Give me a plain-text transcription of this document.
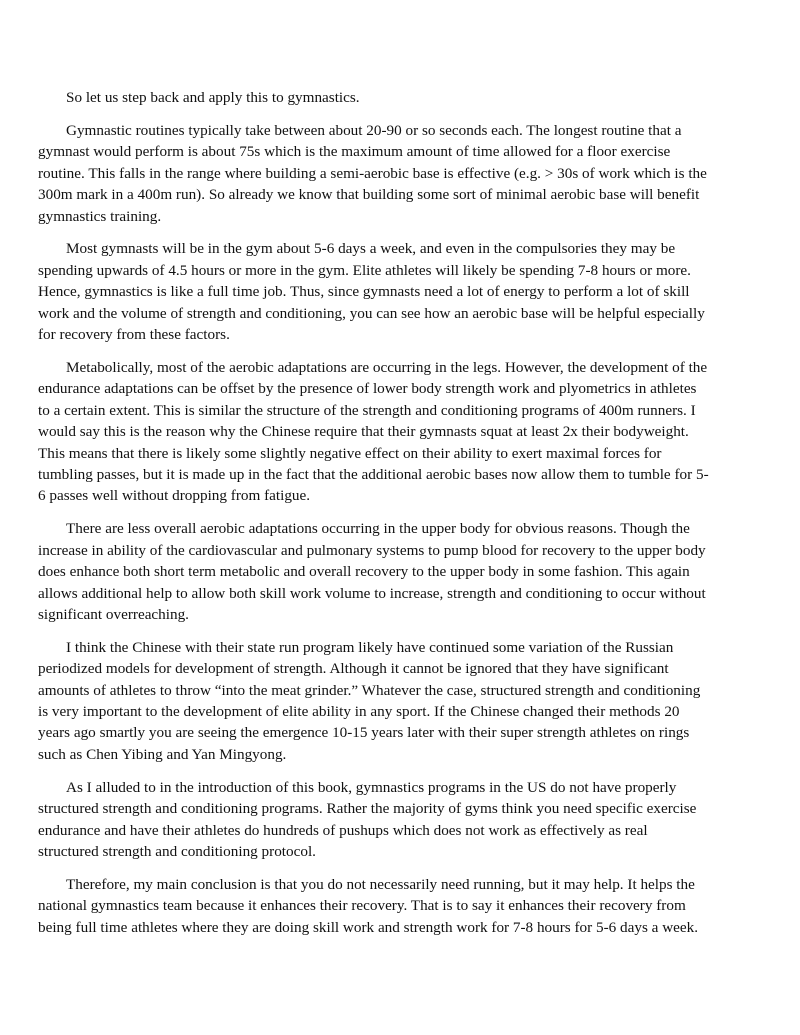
So let us step back and apply this to gymnastics.

Gymnastic routines typically take between about 20-90 or so seconds each. The longest routine that a gymnast would perform is about 75s which is the maximum amount of time allowed for a floor exercise routine. This falls in the range where building a semi-aerobic base is effective (e.g. > 30s of work which is the 300m mark in a 400m run). So already we know that building some sort of minimal aerobic base will benefit gymnastics training.

Most gymnasts will be in the gym about 5-6 days a week, and even in the compulsories they may be spending upwards of 4.5 hours or more in the gym. Elite athletes will likely be spending 7-8 hours or more. Hence, gymnastics is like a full time job. Thus, since gymnasts need a lot of energy to perform a lot of skill work and the volume of strength and conditioning, you can see how an aerobic base will be helpful especially for recovery from these factors.

Metabolically, most of the aerobic adaptations are occurring in the legs. However, the development of the endurance adaptations can be offset by the presence of lower body strength work and plyometrics in athletes to a certain extent. This is similar the structure of the strength and conditioning programs of 400m runners. I would say this is the reason why the Chinese require that their gymnasts squat at least 2x their bodyweight. This means that there is likely some slightly negative effect on their ability to exert maximal forces for tumbling passes, but it is made up in the fact that the additional aerobic bases now allow them to tumble for 5-6 passes well without dropping from fatigue.

There are less overall aerobic adaptations occurring in the upper body for obvious reasons. Though the increase in ability of the cardiovascular and pulmonary systems to pump blood for recovery to the upper body does enhance both short term metabolic and overall recovery to the upper body in some fashion. This again allows additional help to allow both skill work volume to increase, strength and conditioning to occur without significant overreaching.

I think the Chinese with their state run program likely have continued some variation of the Russian periodized models for development of strength. Although it cannot be ignored that they have significant amounts of athletes to throw “into the meat grinder.” Whatever the case, structured strength and conditioning is very important to the development of elite ability in any sport. If the Chinese changed their methods 20 years ago smartly you are seeing the emergence 10-15 years later with their super strength athletes on rings such as Chen Yibing and Yan Mingyong.

As I alluded to in the introduction of this book, gymnastics programs in the US do not have properly structured strength and conditioning programs. Rather the majority of gyms think you need specific exercise endurance and have their athletes do hundreds of pushups which does not work as effectively as real structured strength and conditioning protocol.

Therefore, my main conclusion is that you do not necessarily need running, but it may help. It helps the national gymnastics team because it enhances their recovery. That is to say it enhances their recovery from being full time athletes where they are doing skill work and strength work for 7-8 hours for 5-6 days a week.
